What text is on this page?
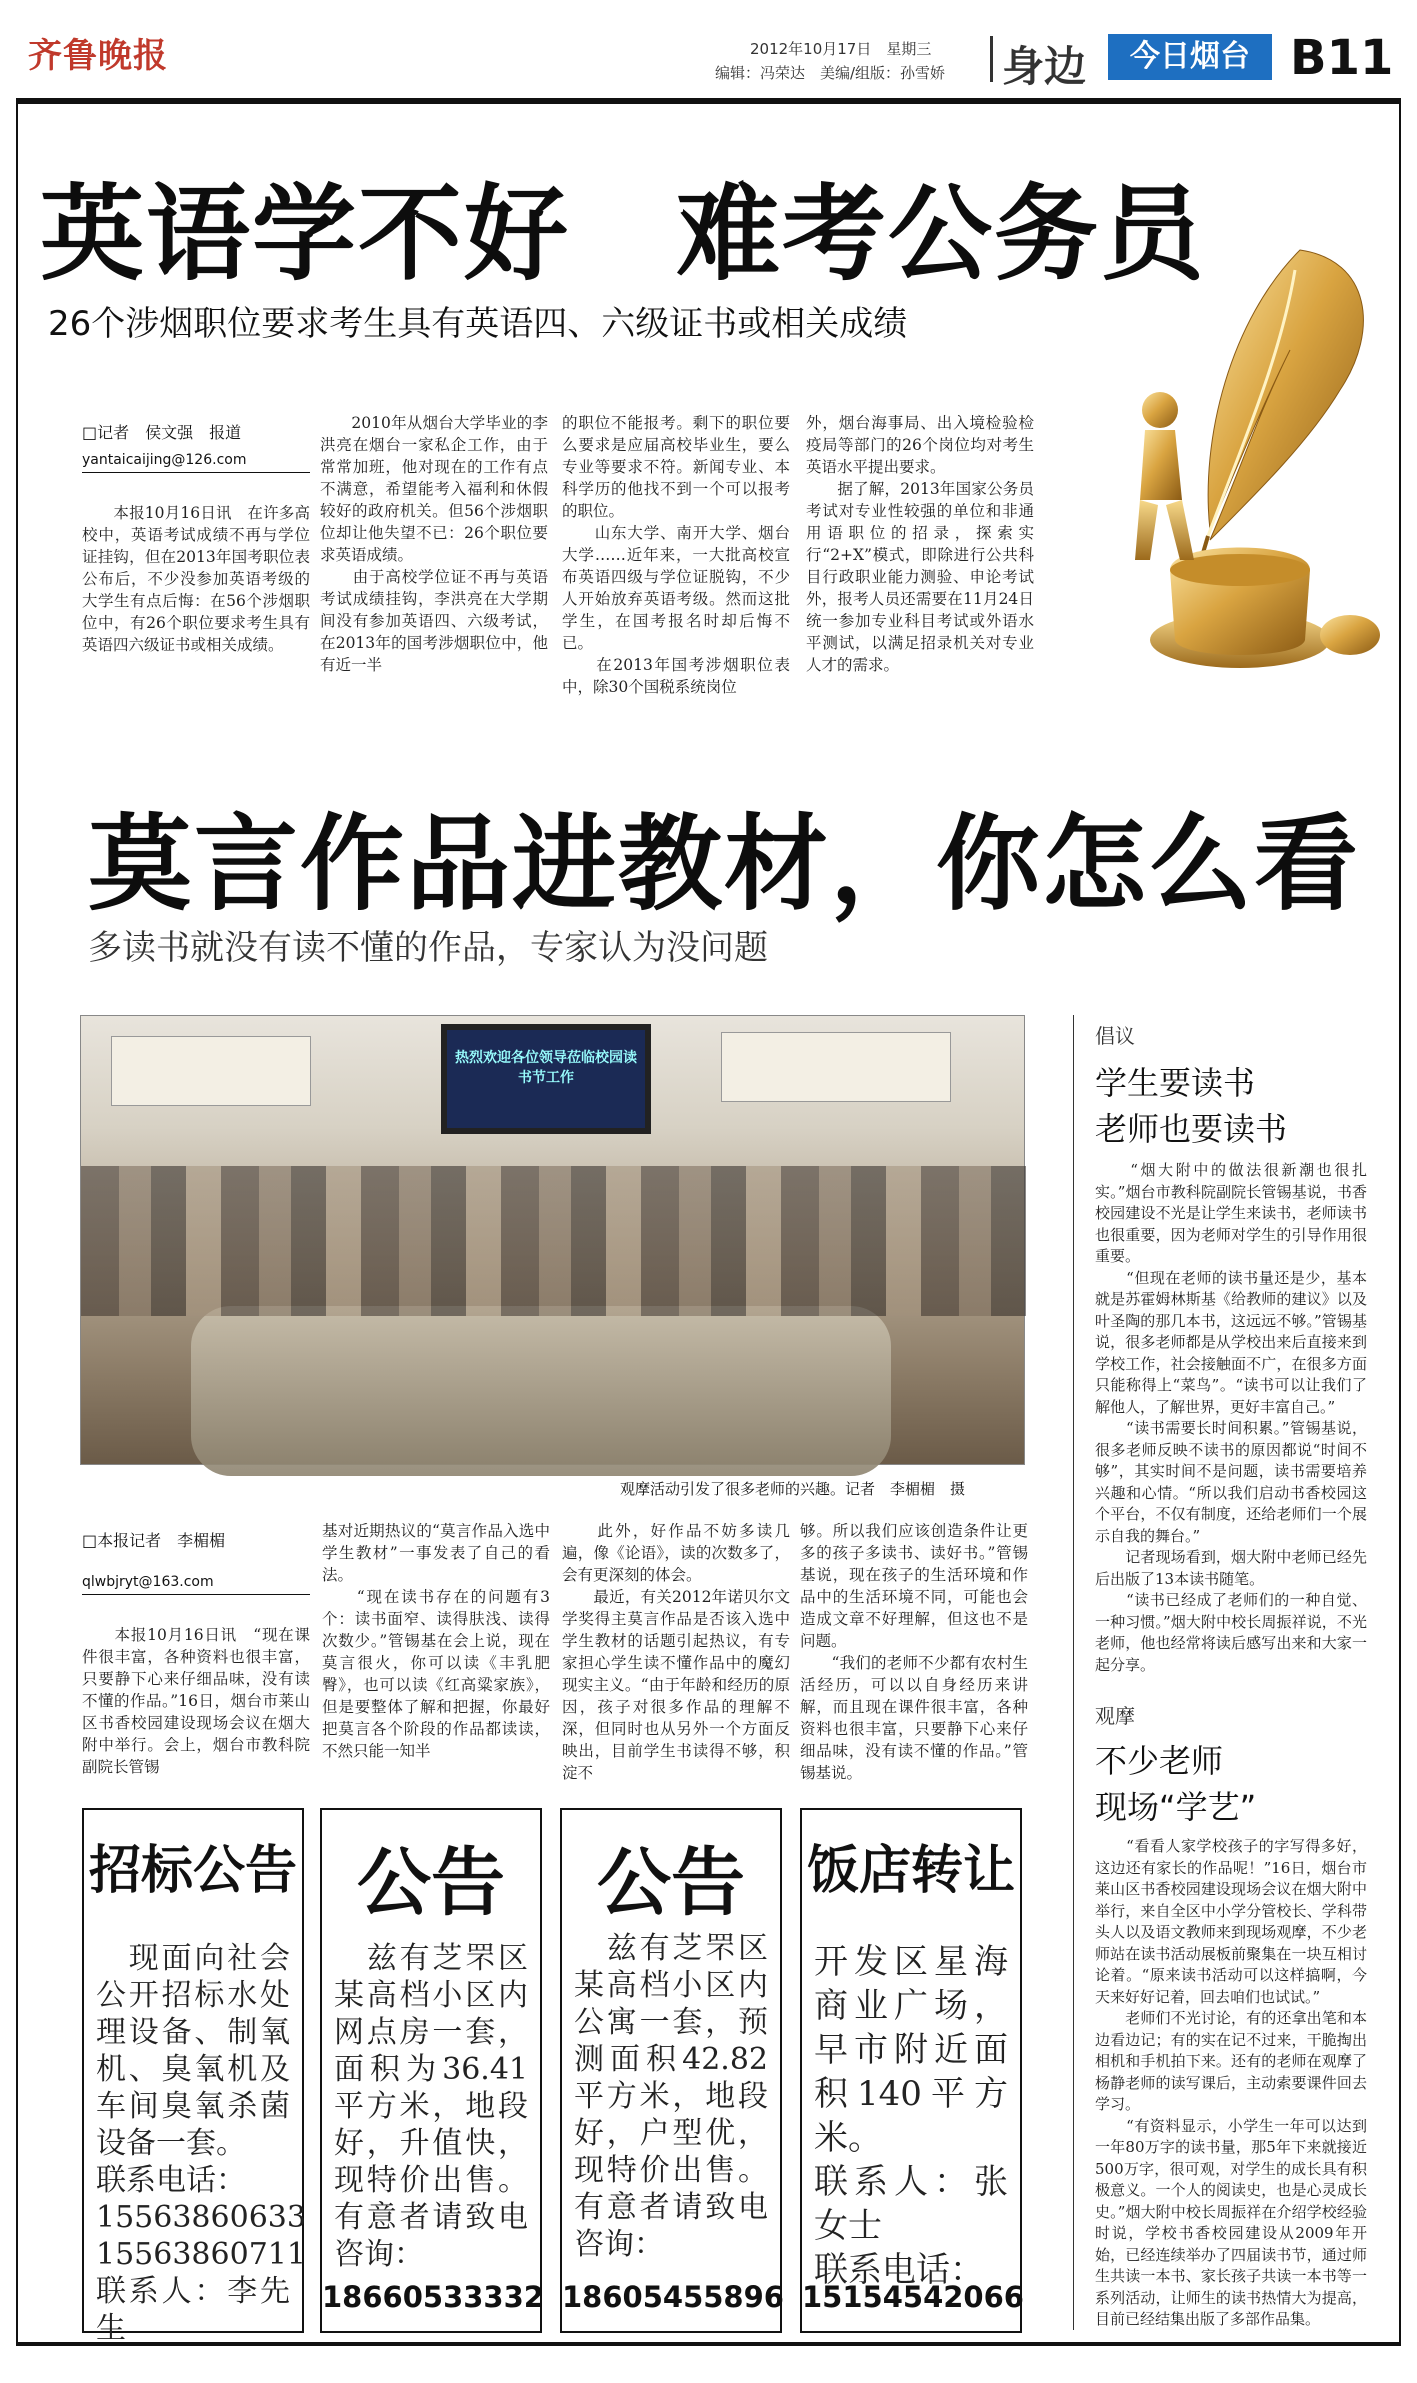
齐鲁晚报	2012年10月17日　星期三
编辑：冯荣达　美编/组版：孙雪娇 身边	今日烟台 B11
英语学不好　难考公务员
26个涉烟职位要求考生具有英语四、六级证书或相关成绩
□记者　侯文强　报道
yantaicaijing@126.com
　　本报10月16日讯　在许多高校中，英语考试成绩不再与学位证挂钩，但在2013年国考职位表公布后，不少没参加英语考级的大学生有点后悔：在56个涉烟职位中，有26个职位要求考生具有英语四六级证书或相关成绩。
　　2010年从烟台大学毕业的李洪亮在烟台一家私企工作，由于常常加班，他对现在的工作有点不满意，希望能考入福利和休假较好的政府机关。但56个涉烟职位却让他失望不已：26个职位要求英语成绩。
　　由于高校学位证不再与英语考试成绩挂钩，李洪亮在大学期间没有参加英语四、六级考试，在2013年的国考涉烟职位中，他有近一半
的职位不能报考。剩下的职位要么要求是应届高校毕业生，要么专业等要求不符。新闻专业、本科学历的他找不到一个可以报考的职位。
　　山东大学、南开大学、烟台大学……近年来，一大批高校宣布英语四级与学位证脱钩，不少人开始放弃英语考级。然而这批学生，在国考报名时却后悔不已。
　　在2013年国考涉烟职位表中，除30个国税系统岗位
外，烟台海事局、出入境检验检疫局等部门的26个岗位均对考生英语水平提出要求。
　　据了解，2013年国家公务员考试对专业性较强的单位和非通用语职位的招录，探索实行“2+X”模式，即除进行公共科目行政职业能力测验、申论考试外，报考人员还需要在11月24日统一参加专业科目考试或外语水平测试，以满足招录机关对专业人才的需求。
莫言作品进教材，你怎么看
多读书就没有读不懂的作品，专家认为没问题
热烈欢迎各位领导莅临校园读书节工作
观摩活动引发了很多老师的兴趣。记者　李楣楣　摄
□本报记者　李楣楣
qlwbjryt@163.com
　　本报10月16日讯　“现在课件很丰富，各种资料也很丰富，只要静下心来仔细品味，没有读不懂的作品。”16日，烟台市莱山区书香校园建设现场会议在烟大附中举行。会上，烟台市教科院副院长管锡
基对近期热议的“莫言作品入选中学生教材”一事发表了自己的看法。
　　“现在读书存在的问题有3个：读书面窄、读得肤浅、读得次数少。”管锡基在会上说，现在莫言很火，你可以读《丰乳肥臀》，也可以读《红高粱家族》，但是要整体了解和把握，你最好把莫言各个阶段的作品都读读，不然只能一知半
　　此外，好作品不妨多读几遍，像《论语》，读的次数多了，会有更深刻的体会。
　　最近，有关2012年诺贝尔文学奖得主莫言作品是否该入选中学生教材的话题引起热议，有专家担心学生读不懂作品中的魔幻现实主义。“由于年龄和经历的原因，孩子对很多作品的理解不深，但同时也从另外一个方面反映出，目前学生书读得不够，积淀不
够。所以我们应该创造条件让更多的孩子多读书、读好书。”管锡基说，现在孩子的生活环境和作品中的生活环境不同，可能也会造成文章不好理解，但这也不是问题。
　　“我们的老师不少都有农村生活经历，可以以自身经历来讲解，而且现在课件很丰富，各种资料也很丰富，只要静下心来仔细品味，没有读不懂的作品。”管锡基说。
倡议
学生要读书
老师也要读书
　　“烟大附中的做法很新潮也很扎实。”烟台市教科院副院长管锡基说，书香校园建设不光是让学生来读书，老师读书也很重要，因为老师对学生的引导作用很重要。
　　“但现在老师的读书量还是少，基本就是苏霍姆林斯基《给教师的建议》以及叶圣陶的那几本书，这远远不够。”管锡基说，很多老师都是从学校出来后直接来到学校工作，社会接触面不广，在很多方面只能称得上“菜鸟”。“读书可以让我们了解他人，了解世界，更好丰富自己。”
　　“读书需要长时间积累。”管锡基说，很多老师反映不读书的原因都说“时间不够”，其实时间不是问题，读书需要培养兴趣和心情。“所以我们启动书香校园这个平台，不仅有制度，还给老师们一个展示自我的舞台。”
　　记者现场看到，烟大附中老师已经先后出版了13本读书随笔。
　　“读书已经成了老师们的一种自觉、一种习惯。”烟大附中校长周振祥说，不光老师，他也经常将读后感写出来和大家一起分享。
观摩
不少老师
现场“学艺”
　　“看看人家学校孩子的字写得多好，这边还有家长的作品呢！”16日，烟台市莱山区书香校园建设现场会议在烟大附中举行，来自全区中小学分管校长、学科带头人以及语文教师来到现场观摩，不少老师站在读书活动展板前聚集在一块互相讨论着。“原来读书活动可以这样搞啊，今天来好好记着，回去咱们也试试。”
　　老师们不光讨论，有的还拿出笔和本边看边记；有的实在记不过来，干脆掏出相机和手机拍下来。还有的老师在观摩了杨静老师的读写课后，主动索要课件回去学习。
　　“有资料显示，小学生一年可以达到一年80万字的读书量，那5年下来就接近500万字，很可观，对学生的成长具有积极意义。一个人的阅读史，也是心灵成长史。”烟大附中校长周振祥在介绍学校经验时说，学校书香校园建设从2009年开始，已经连续举办了四届读书节，通过师生共读一本书、家长孩子共读一本书等一系列活动，让师生的读书热情大为提高，目前已经结集出版了多部作品集。
招标公告
　现面向社会公开招标水处理设备、制氧机、臭氧机及车间臭氧杀菌设备一套。
联系电话：
15563860633
15563860711
联系人：李先生
公告
　兹有芝罘区某高档小区内网点房一套，面积为36.41平方米，地段好，升值快，现特价出售。有意者请致电咨询：
18660533332
公告
　兹有芝罘区某高档小区内公寓一套，预测面积42.82平方米，地段好，户型优，现特价出售。有意者请致电咨询：
18605455896
饭店转让
开发区星海商业广场，早市附近面积140平方米。
联系人：张女士
联系电话：
15154542066
